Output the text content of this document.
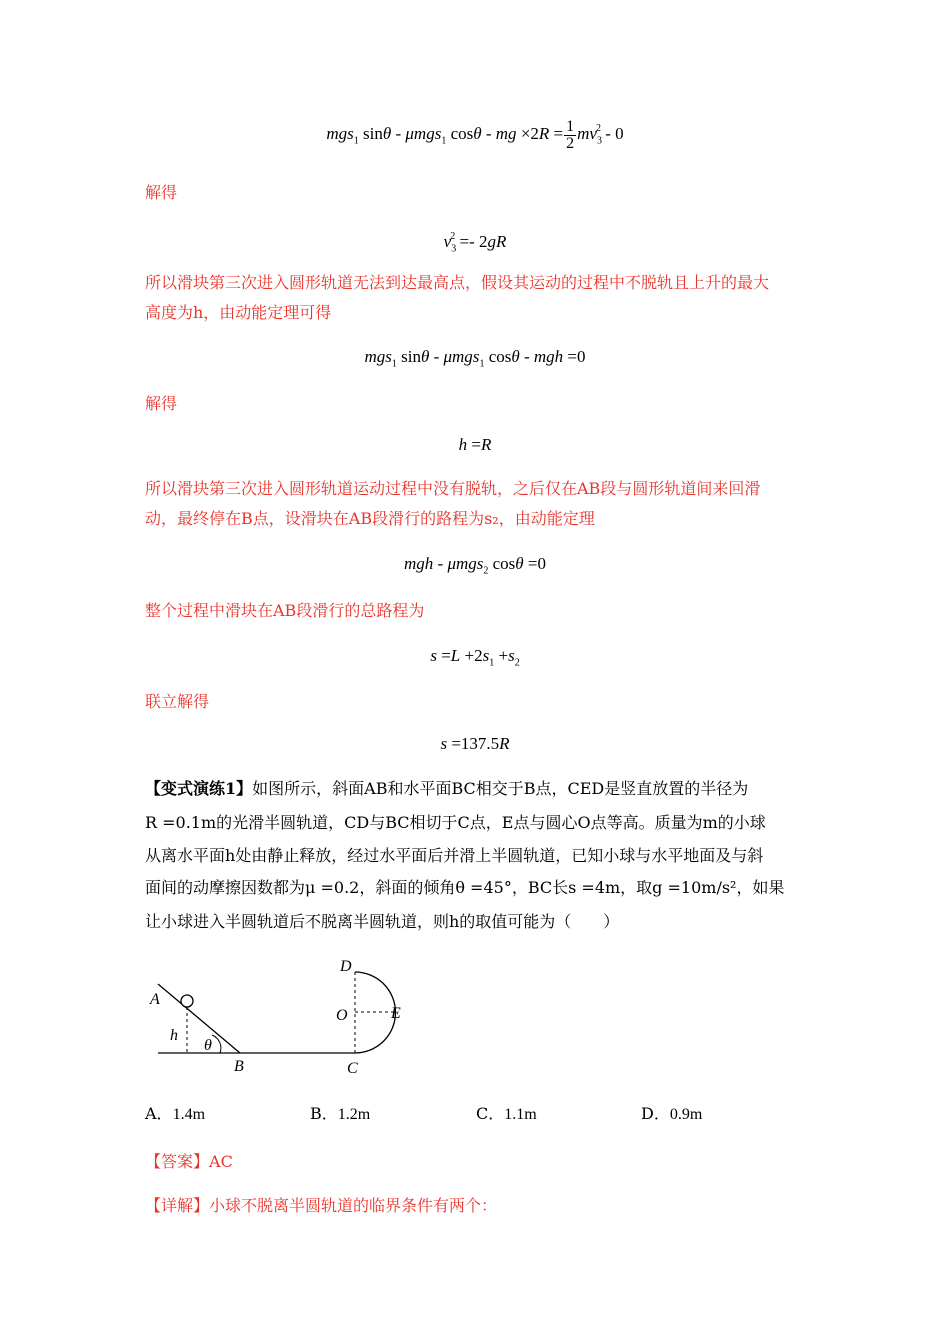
mgs$_1$ sinθ - μmgs$_1$ cosθ - mg $\times 2R = \frac{1}{2} mv_3^2 - 0$
解得
$v_3^2 =- 2gR$
所以滑块第三次进入圆形轨道无法到达最高点，假设其运动的过程中不脱轨且上升的最大
高度为h，由动能定理可得
mgs$_1$ sinθ - μmgs$_1$ cosθ - mgh =0
解得
h =R
所以滑块第三次进入圆形轨道运动过程中没有脱轨，之后仅在AB段与圆形轨道间来回滑
动，最终停在B点，设滑块在AB段滑行的路程为s₂，由动能定理
mgh - μmgs$_2$ cosθ =0
整个过程中滑块在AB段滑行的总路程为
$s =L +2s_1 +s_2$
联立解得
s =137.5R
【变式演练1】如图所示，斜面AB和水平面BC相交于B点，CED是竖直放置的半径为
R =0.1m的光滑半圆轨道，CD与BC相切于C点，E点与圆心O点等高。质量为m的小球
从离水平面h处由静止释放，经过水平面后并滑上半圆轨道，已知小球与水平地面及与斜
面间的动摩擦因数都为μ =0.2，斜面的倾角θ =45°，BC长s =4m，取g =10m/s²，如果
让小球进入半圆轨道后不脱离半圆轨道，则h的取值可能为（　　）
A
h
θ
B	C
D
O	E
A．1.4m	B．1.2m	C．1.1m	D．0.9m
【答案】AC
【详解】小球不脱离半圆轨道的临界条件有两个：
